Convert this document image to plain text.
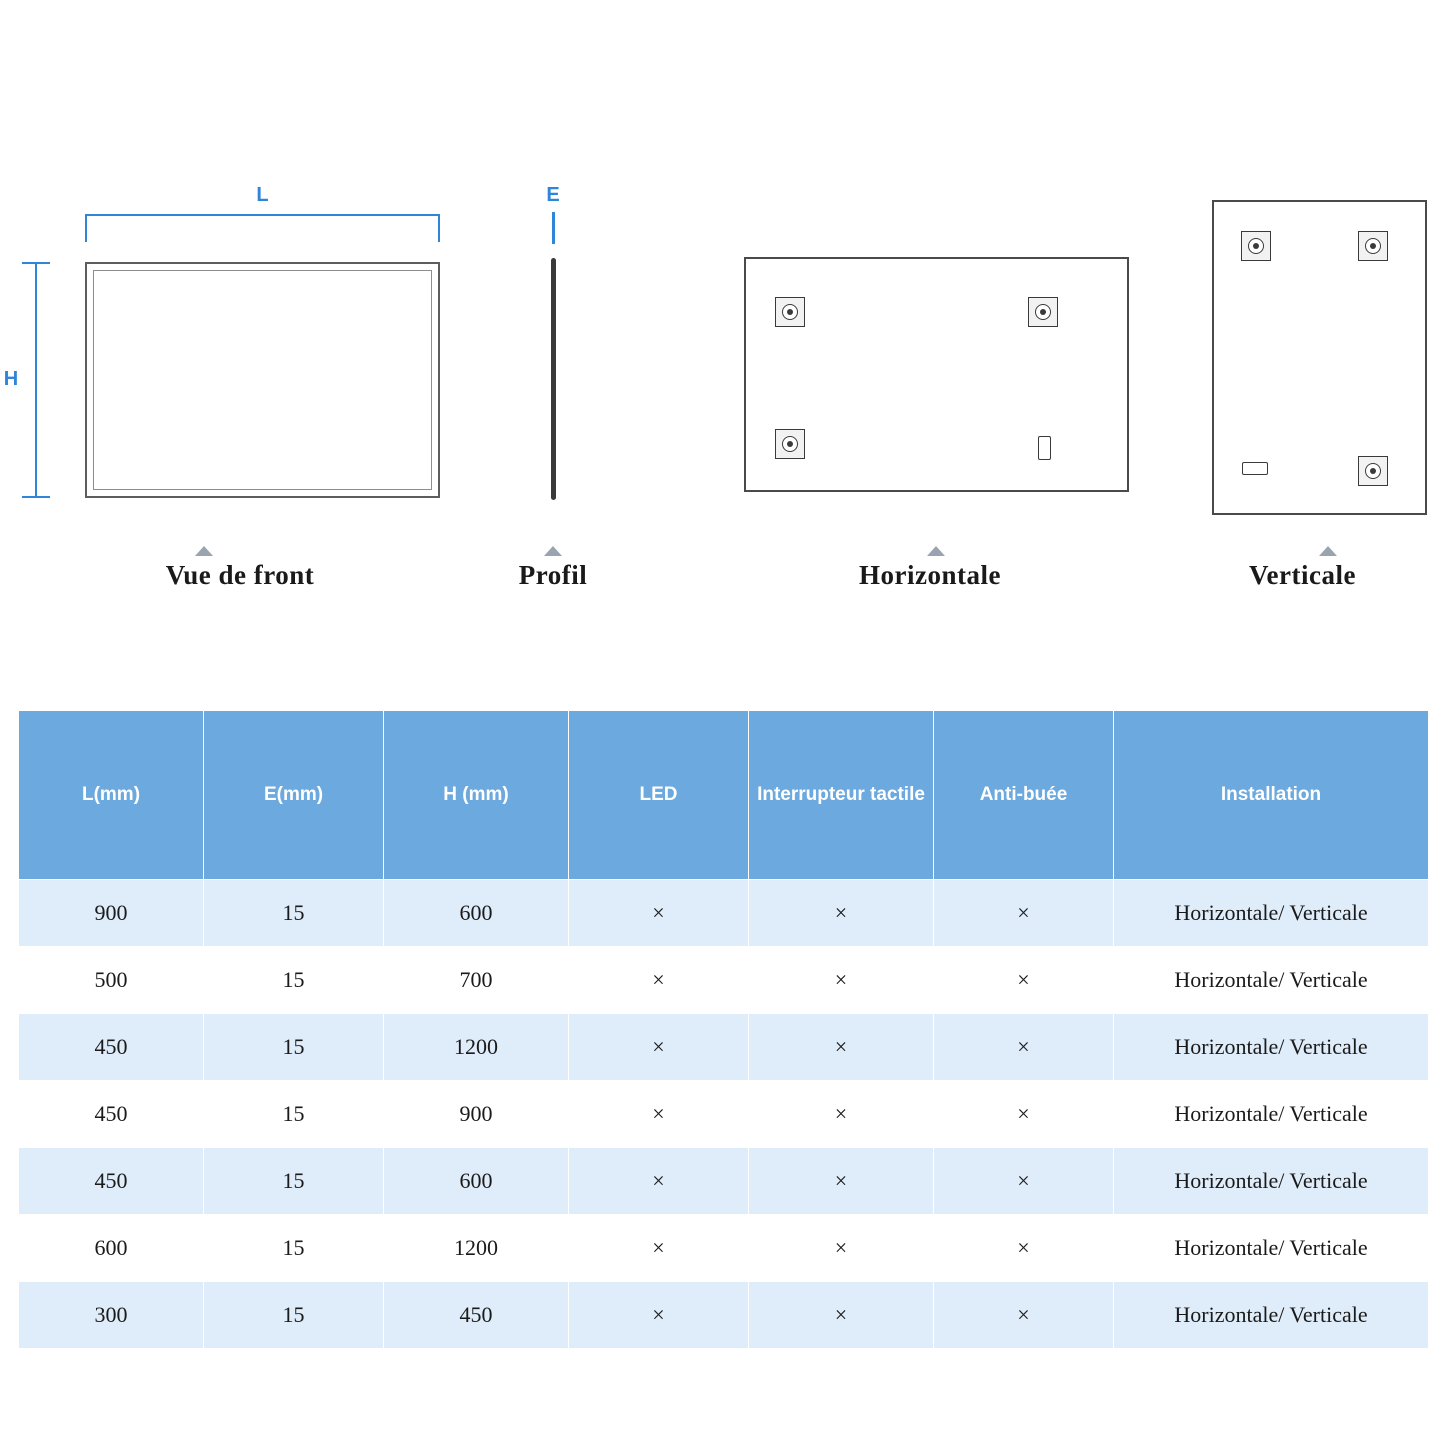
L
H
Vue de front
E
Profil	Horizontale	Verticale
L(mm)	E(mm)	H (mm)	LED	Interrupteur tactile	Anti-buée	Installation
900	15	600	×	×	×	Horizontale/ Verticale
500	15	700	×	×	×	Horizontale/ Verticale
450	15	1200	×	×	×	Horizontale/ Verticale
450	15	900	×	×	×	Horizontale/ Verticale
450	15	600	×	×	×	Horizontale/ Verticale
600	15	1200	×	×	×	Horizontale/ Verticale
300	15	450	×	×	×	Horizontale/ Verticale
